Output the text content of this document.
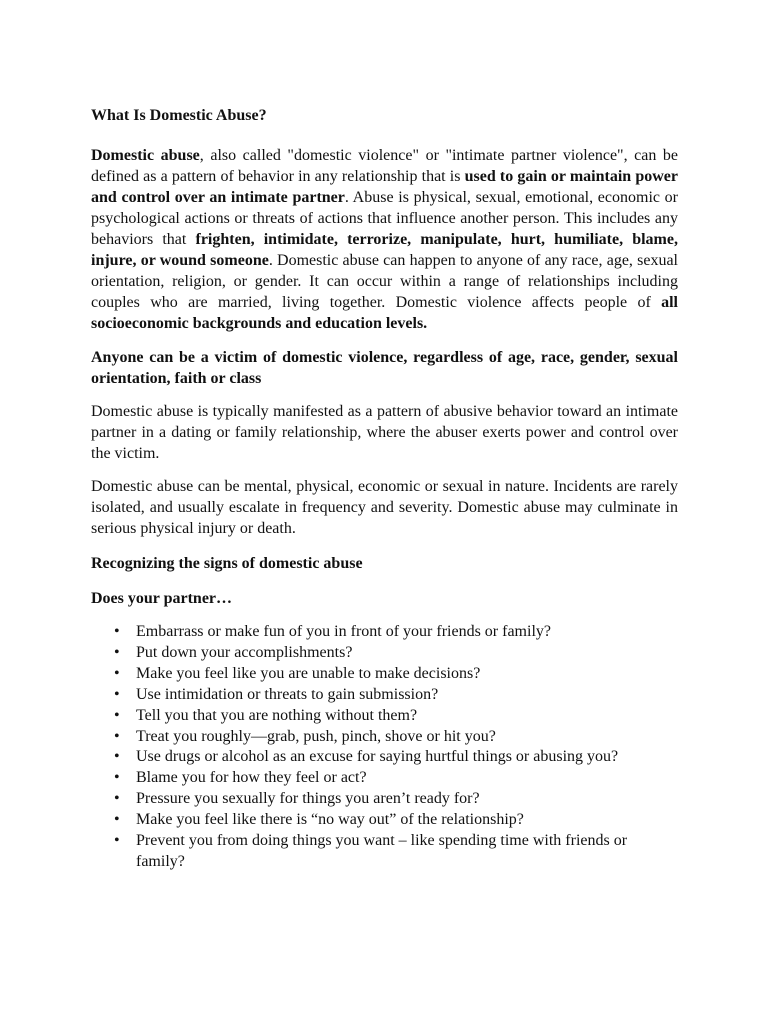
What Is Domestic Abuse?

Domestic abuse, also called "domestic violence" or "intimate partner violence", can be defined as a pattern of behavior in any relationship that is used to gain or maintain power and control over an intimate partner. Abuse is physical, sexual, emotional, economic or psychological actions or threats of actions that influence another person. This includes any behaviors that frighten, intimidate, terrorize, manipulate, hurt, humiliate, blame, injure, or wound someone. Domestic abuse can happen to anyone of any race, age, sexual orientation, religion, or gender. It can occur within a range of relationships including couples who are married, living together. Domestic violence affects people of all socioeconomic backgrounds and education levels.

Anyone can be a victim of domestic violence, regardless of age, race, gender, sexual orientation, faith or class

Domestic abuse is typically manifested as a pattern of abusive behavior toward an intimate partner in a dating or family relationship, where the abuser exerts power and control over the victim.

Domestic abuse can be mental, physical, economic or sexual in nature. Incidents are rarely isolated, and usually escalate in frequency and severity. Domestic abuse may culminate in serious physical injury or death.

Recognizing the signs of domestic abuse

Does your partner…

• Embarrass or make fun of you in front of your friends or family?
• Put down your accomplishments?
• Make you feel like you are unable to make decisions?
• Use intimidation or threats to gain submission?
• Tell you that you are nothing without them?
• Treat you roughly—grab, push, pinch, shove or hit you?
• Use drugs or alcohol as an excuse for saying hurtful things or abusing you?
• Blame you for how they feel or act?
• Pressure you sexually for things you aren’t ready for?
• Make you feel like there is “no way out” of the relationship?
• Prevent you from doing things you want – like spending time with friends or family?
